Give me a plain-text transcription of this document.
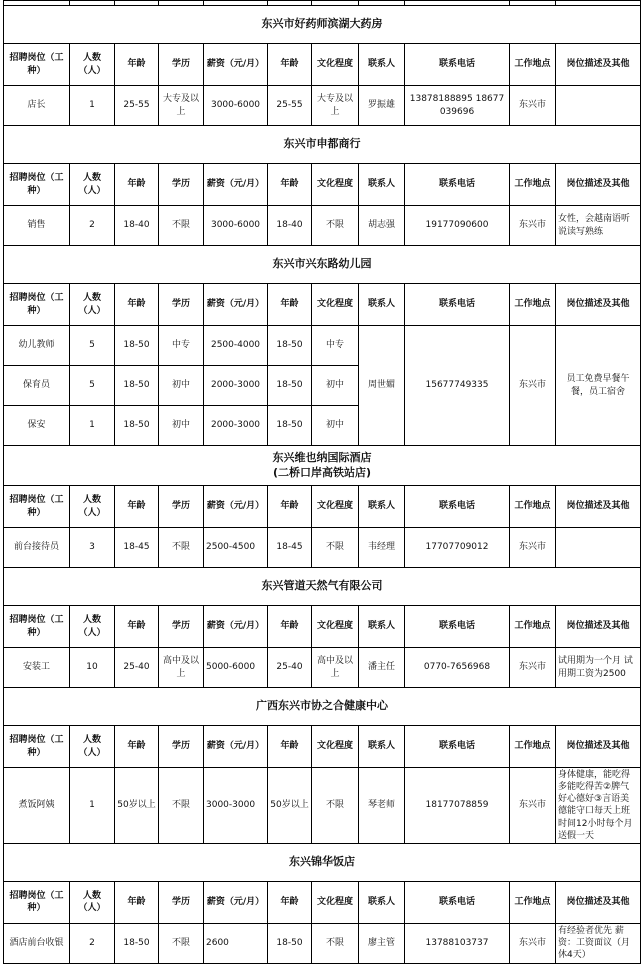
东兴市好药师滨湖大药房										
招聘岗位（工种）	人数（人）	年龄	学历	薪资（元/月）	年龄	文化程度	联系人	联系电话	工作地点	岗位描述及其他
店长	1	25-55	大专及以上	3000-6000	25-55	大专及以上	罗振雄	13878188895 18677039696	东兴市	
东兴市申都商行										
招聘岗位（工种）	人数（人）	年龄	学历	薪资（元/月）	年龄	文化程度	联系人	联系电话	工作地点	岗位描述及其他
销售	2	18-40	不限	3000-6000	18-40	不限	胡志强	19177090600	东兴市	女性，会越南语听说读写熟练
东兴市兴东路幼儿园										
招聘岗位（工种）	人数（人）	年龄	学历	薪资（元/月）	年龄	文化程度	联系人	联系电话	工作地点	岗位描述及其他
幼儿教师	5	18-50	中专	2500-4000	18-50	中专	周世媚	15677749335	东兴市	员工免费早餐午餐，员工宿舍
保育员	5	18-50	初中	2000-3000	18-50	初中				
保安	1	18-50	初中	2000-3000	18-50	初中				

东兴维也纳国际酒店
(二桥口岸高铁站店)										

招聘岗位（工种）	人数（人）	年龄	学历	薪资（元/月）	年龄	文化程度	联系人	联系电话	工作地点	岗位描述及其他
前台接待员	3	18-45	不限	2500-4500	18-45	不限	韦经理	17707709012	东兴市	
东兴管道天然气有限公司										
招聘岗位（工种）	人数（人）	年龄	学历	薪资（元/月）	年龄	文化程度	联系人	联系电话	工作地点	岗位描述及其他
安装工	10	25-40	高中及以上	5000-6000	25-40	高中及以上	潘主任	0770-7656968	东兴市	试用期为一个月 试用期工资为2500
广西东兴市协之合健康中心										
招聘岗位（工种）	人数（人）	年龄	学历	薪资（元/月）	年龄	文化程度	联系人	联系电话	工作地点	岗位描述及其他
煮饭阿姨	1	50岁以上	不限	3000-3000	50岁以上	不限	琴老师	18177078859	东兴市	身体健康，能吃得多能吃得苦②脾气好心德好③言语美德能守口每天上班时间12小时每个月送假一天
东兴锦华饭店										
招聘岗位（工种）	人数（人）	年龄	学历	薪资（元/月）	年龄	文化程度	联系人	联系电话	工作地点	岗位描述及其他
酒店前台收银	2	18-50	不限	2600	18-50	不限	廖主管	13788103737	东兴市	有经验者优先 薪资：工资面议（月休4天）
